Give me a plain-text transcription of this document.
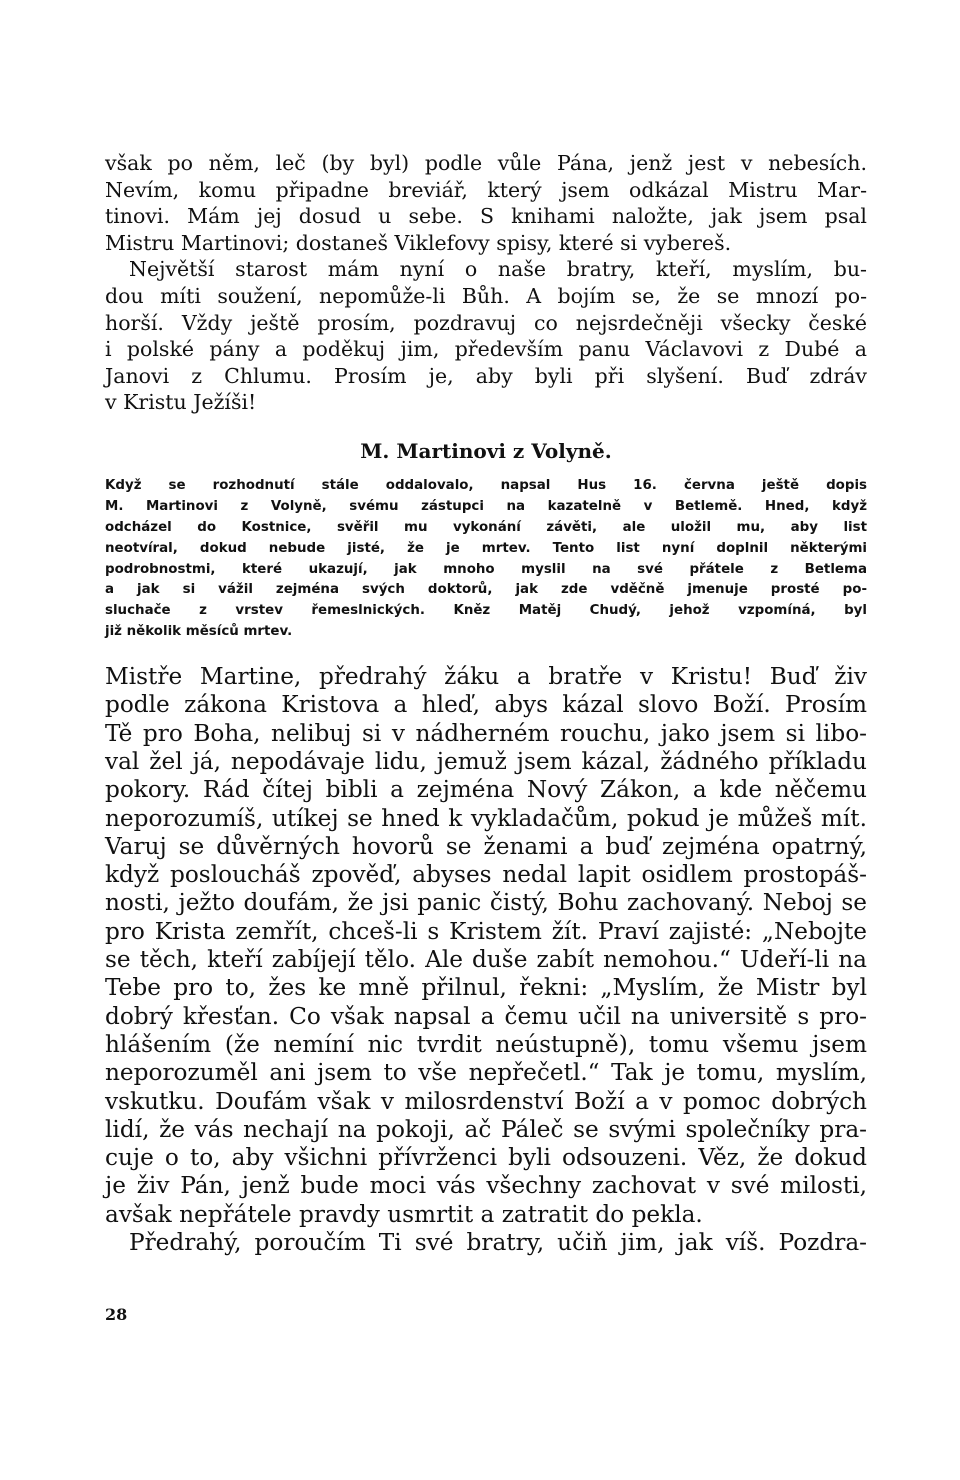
však po něm, leč (by byl) podle vůle Pána, jenž jest v nebesích.
Nevím, komu připadne breviář, který jsem odkázal Mistru Mar-
tinovi. Mám jej dosud u sebe. S knihami naložte, jak jsem psal
Mistru Martinovi; dostaneš Viklefovy spisy, které si vybereš.
Největší starost mám nyní o naše bratry, kteří, myslím, bu-
dou míti soužení, nepomůže-li Bůh. A bojím se, že se mnozí po-
horší. Vždy ještě prosím, pozdravuj co nejsrdečněji všecky české
i polské pány a poděkuj jim, především panu Václavovi z Dubé a
Janovi z Chlumu. Prosím je, aby byli při slyšení. Buď zdráv
v Kristu Ježíši!
M. Martinovi z Volyně.
Když se rozhodnutí stále oddalovalo, napsal Hus 16. června ještě dopis
M. Martinovi z Volyně, svému zástupci na kazatelně v Betlemě. Hned, když
odcházel do Kostnice, svěřil mu vykonání závěti, ale uložil mu, aby list
neotvíral, dokud nebude jisté, že je mrtev. Tento list nyní doplnil některými
podrobnostmi, které ukazují, jak mnoho myslil na své přátele z Betlema
a jak si vážil zejména svých doktorů, jak zde vděčně jmenuje prosté po-
sluchače z vrstev řemeslnických. Kněz Matěj Chudý, jehož vzpomíná, byl
již několik měsíců mrtev.
Mistře Martine, předrahý žáku a bratře v Kristu! Buď živ
podle zákona Kristova a hleď, abys kázal slovo Boží. Prosím
Tě pro Boha, nelibuj si v nádherném rouchu, jako jsem si libo-
val žel já, nepodávaje lidu, jemuž jsem kázal, žádného příkladu
pokory. Rád čítej bibli a zejména Nový Zákon, a kde něčemu
neporozumíš, utíkej se hned k vykladačům, pokud je můžeš mít.
Varuj se důvěrných hovorů se ženami a buď zejména opatrný,
když posloucháš zpověď, abyses nedal lapit osidlem prostopáš-
nosti, ježto doufám, že jsi panic čistý, Bohu zachovaný. Neboj se
pro Krista zemřít, chceš-li s Kristem žít. Praví zajisté: „Nebojte
se těch, kteří zabíjejí tělo. Ale duše zabít nemohou.“ Udeří-li na
Tebe pro to, žes ke mně přilnul, řekni: „Myslím, že Mistr byl
dobrý křesťan. Co však napsal a čemu učil na universitě s pro-
hlášením (že nemíní nic tvrdit neústupně), tomu všemu jsem
neporozuměl ani jsem to vše nepřečetl.“ Tak je tomu, myslím,
vskutku. Doufám však v milosrdenství Boží a v pomoc dobrých
lidí, že vás nechají na pokoji, ač Páleč se svými společníky pra-
cuje o to, aby všichni přívrženci byli odsouzeni. Věz, že dokud
je živ Pán, jenž bude moci vás všechny zachovat v své milosti,
avšak nepřátele pravdy usmrtit a zatratit do pekla.
Předrahý, poroučím Ti své bratry, učiň jim, jak víš. Pozdra-
28
